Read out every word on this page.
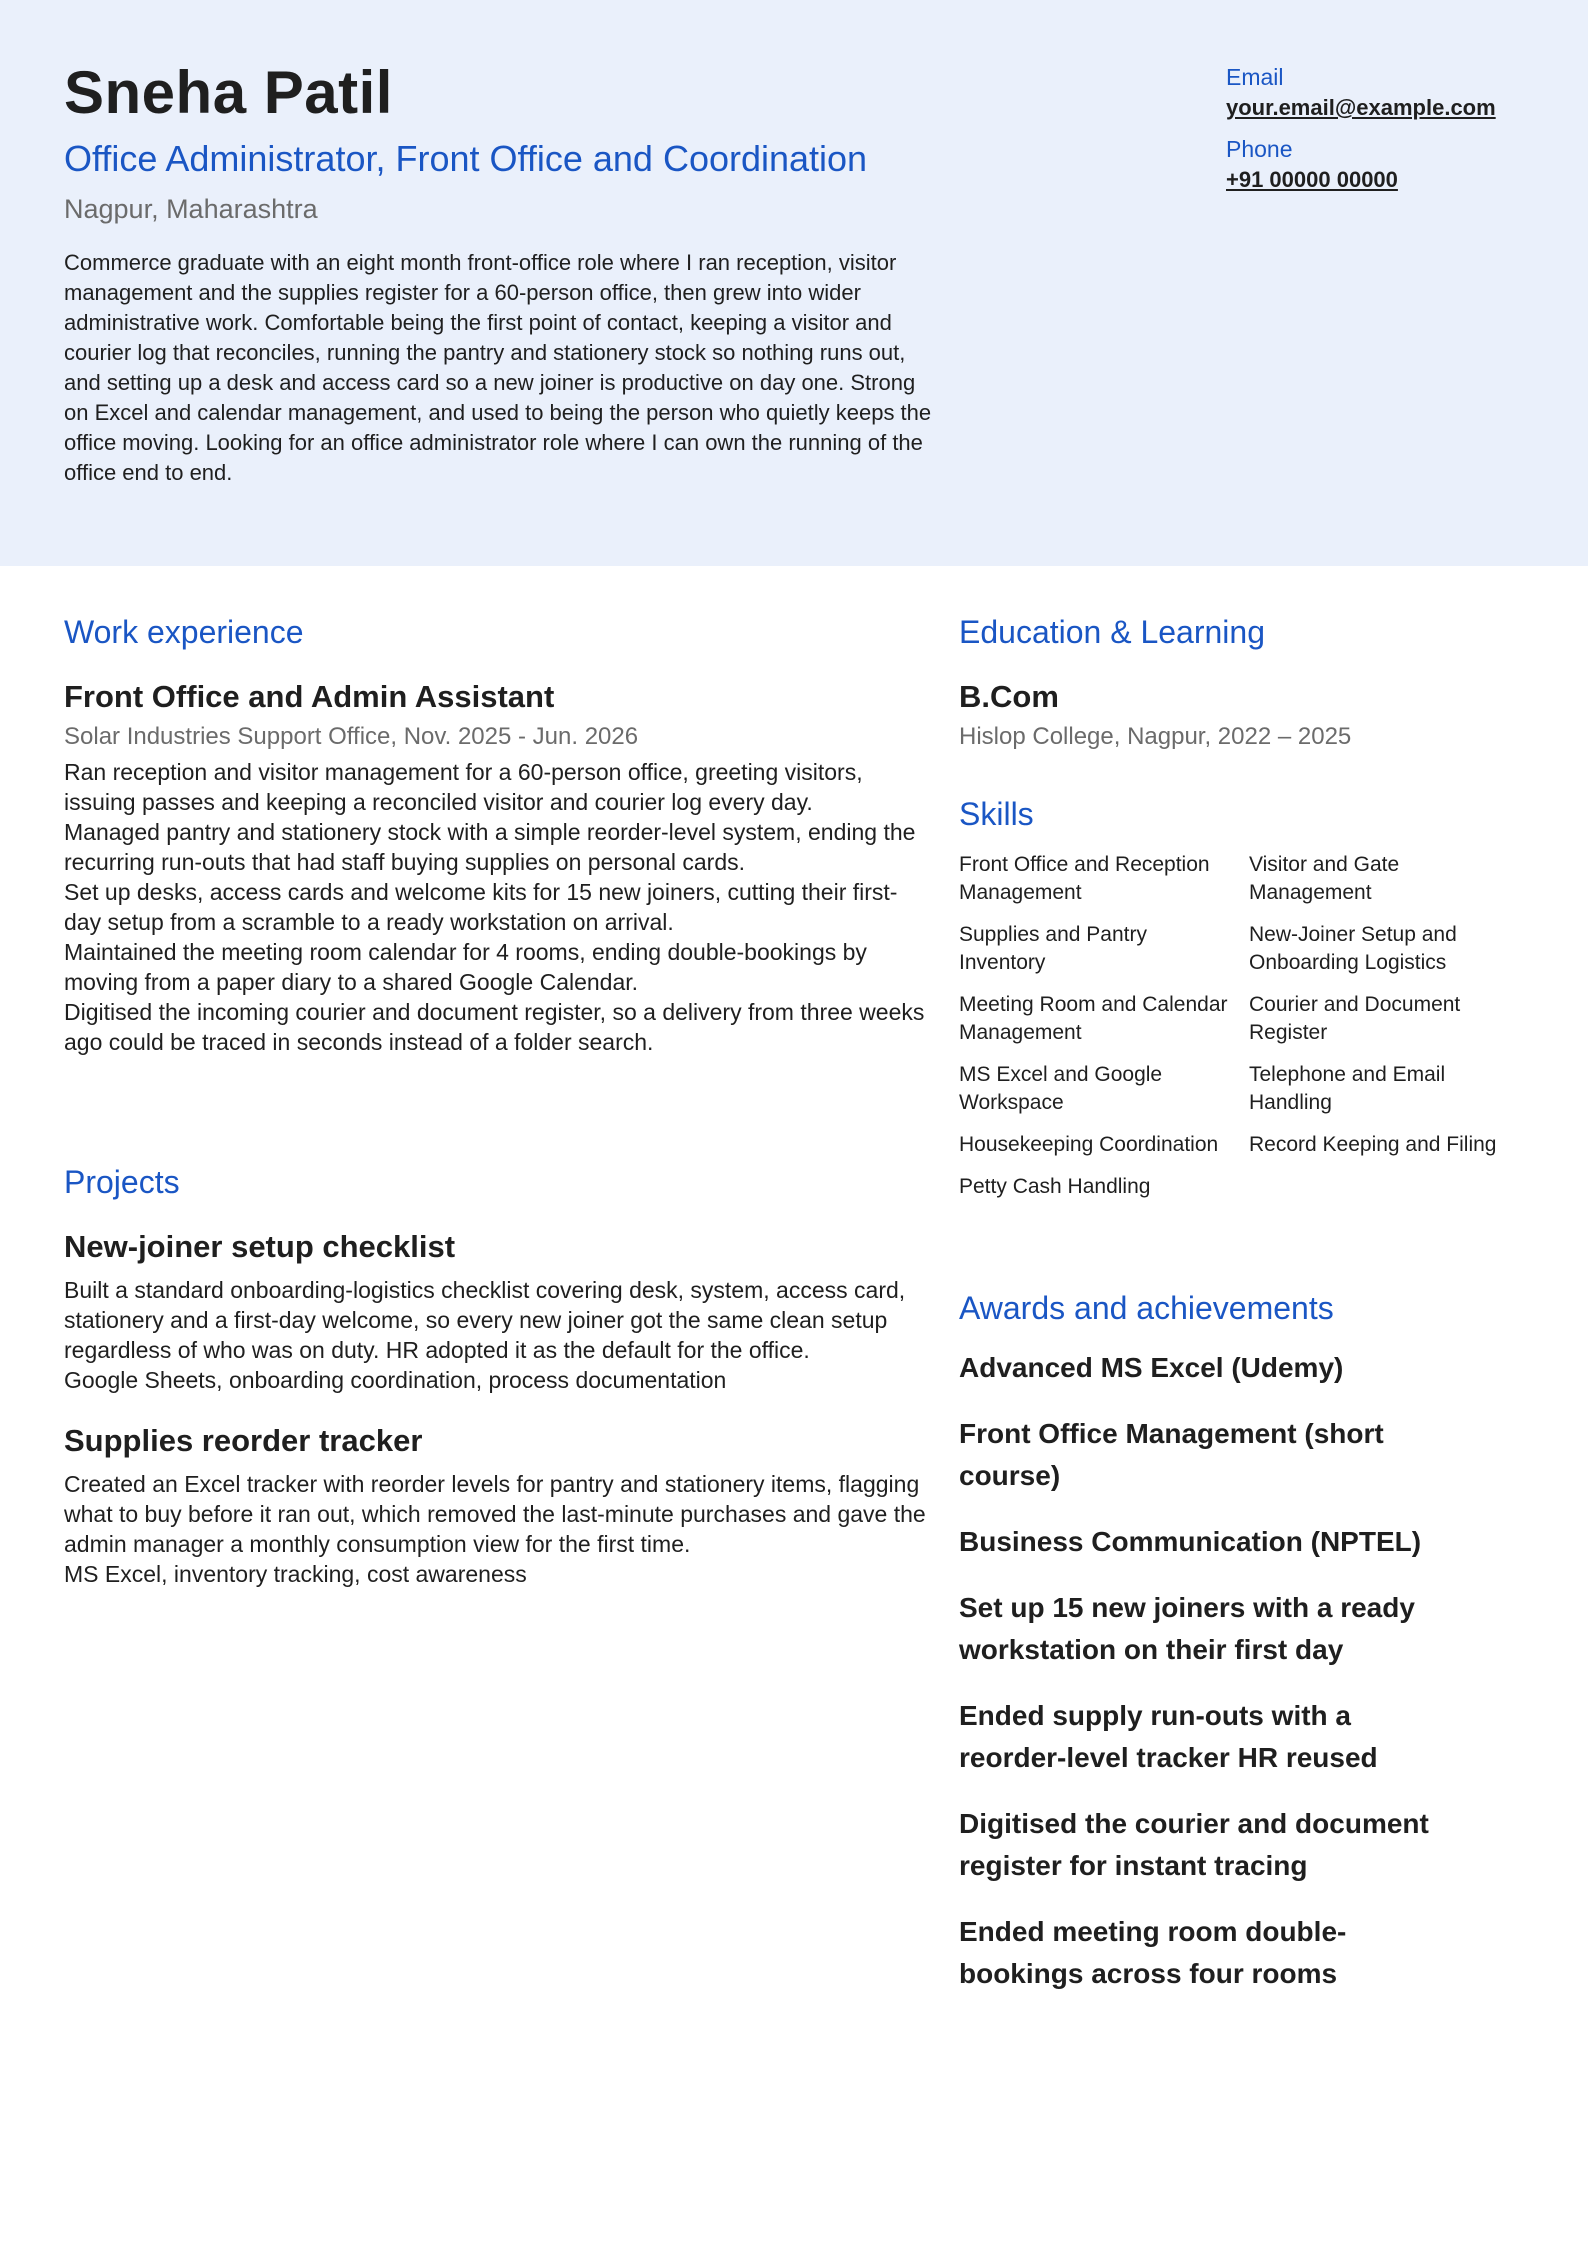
Sneha Patil
Office Administrator, Front Office and Coordination
Nagpur, Maharashtra
Commerce graduate with an eight month front-office role where I ran reception, visitor management and the supplies register for a 60-person office, then grew into wider administrative work. Comfortable being the first point of contact, keeping a visitor and courier log that reconciles, running the pantry and stationery stock so nothing runs out, and setting up a desk and access card so a new joiner is productive on day one. Strong on Excel and calendar management, and used to being the person who quietly keeps the office moving. Looking for an office administrator role where I can own the running of the office end to end.
Email
your.email@example.com
Phone
+91 00000 00000
Work experience
Front Office and Admin Assistant
Solar Industries Support Office, Nov. 2025 - Jun. 2026
Ran reception and visitor management for a 60-person office, greeting visitors, issuing passes and keeping a reconciled visitor and courier log every day.
Managed pantry and stationery stock with a simple reorder-level system, ending the recurring run-outs that had staff buying supplies on personal cards.
Set up desks, access cards and welcome kits for 15 new joiners, cutting their first-day setup from a scramble to a ready workstation on arrival.
Maintained the meeting room calendar for 4 rooms, ending double-bookings by moving from a paper diary to a shared Google Calendar.
Digitised the incoming courier and document register, so a delivery from three weeks ago could be traced in seconds instead of a folder search.
Projects
New-joiner setup checklist
Built a standard onboarding-logistics checklist covering desk, system, access card, stationery and a first-day welcome, so every new joiner got the same clean setup regardless of who was on duty. HR adopted it as the default for the office.
Google Sheets, onboarding coordination, process documentation
Supplies reorder tracker
Created an Excel tracker with reorder levels for pantry and stationery items, flagging what to buy before it ran out, which removed the last-minute purchases and gave the admin manager a monthly consumption view for the first time.
MS Excel, inventory tracking, cost awareness
Education & Learning
B.Com
Hislop College, Nagpur, 2022 – 2025
Skills
Front Office and Reception Management
Visitor and Gate Management
Supplies and Pantry Inventory
New-Joiner Setup and Onboarding Logistics
Meeting Room and Calendar Management
Courier and Document Register
MS Excel and Google Workspace
Telephone and Email Handling
Housekeeping Coordination	Record Keeping and Filing
Petty Cash Handling
Awards and achievements
Advanced MS Excel (Udemy)
Front Office Management (short course)
Business Communication (NPTEL)
Set up 15 new joiners with a ready workstation on their first day
Ended supply run-outs with a reorder-level tracker HR reused
Digitised the courier and document register for instant tracing
Ended meeting room double-bookings across four rooms
